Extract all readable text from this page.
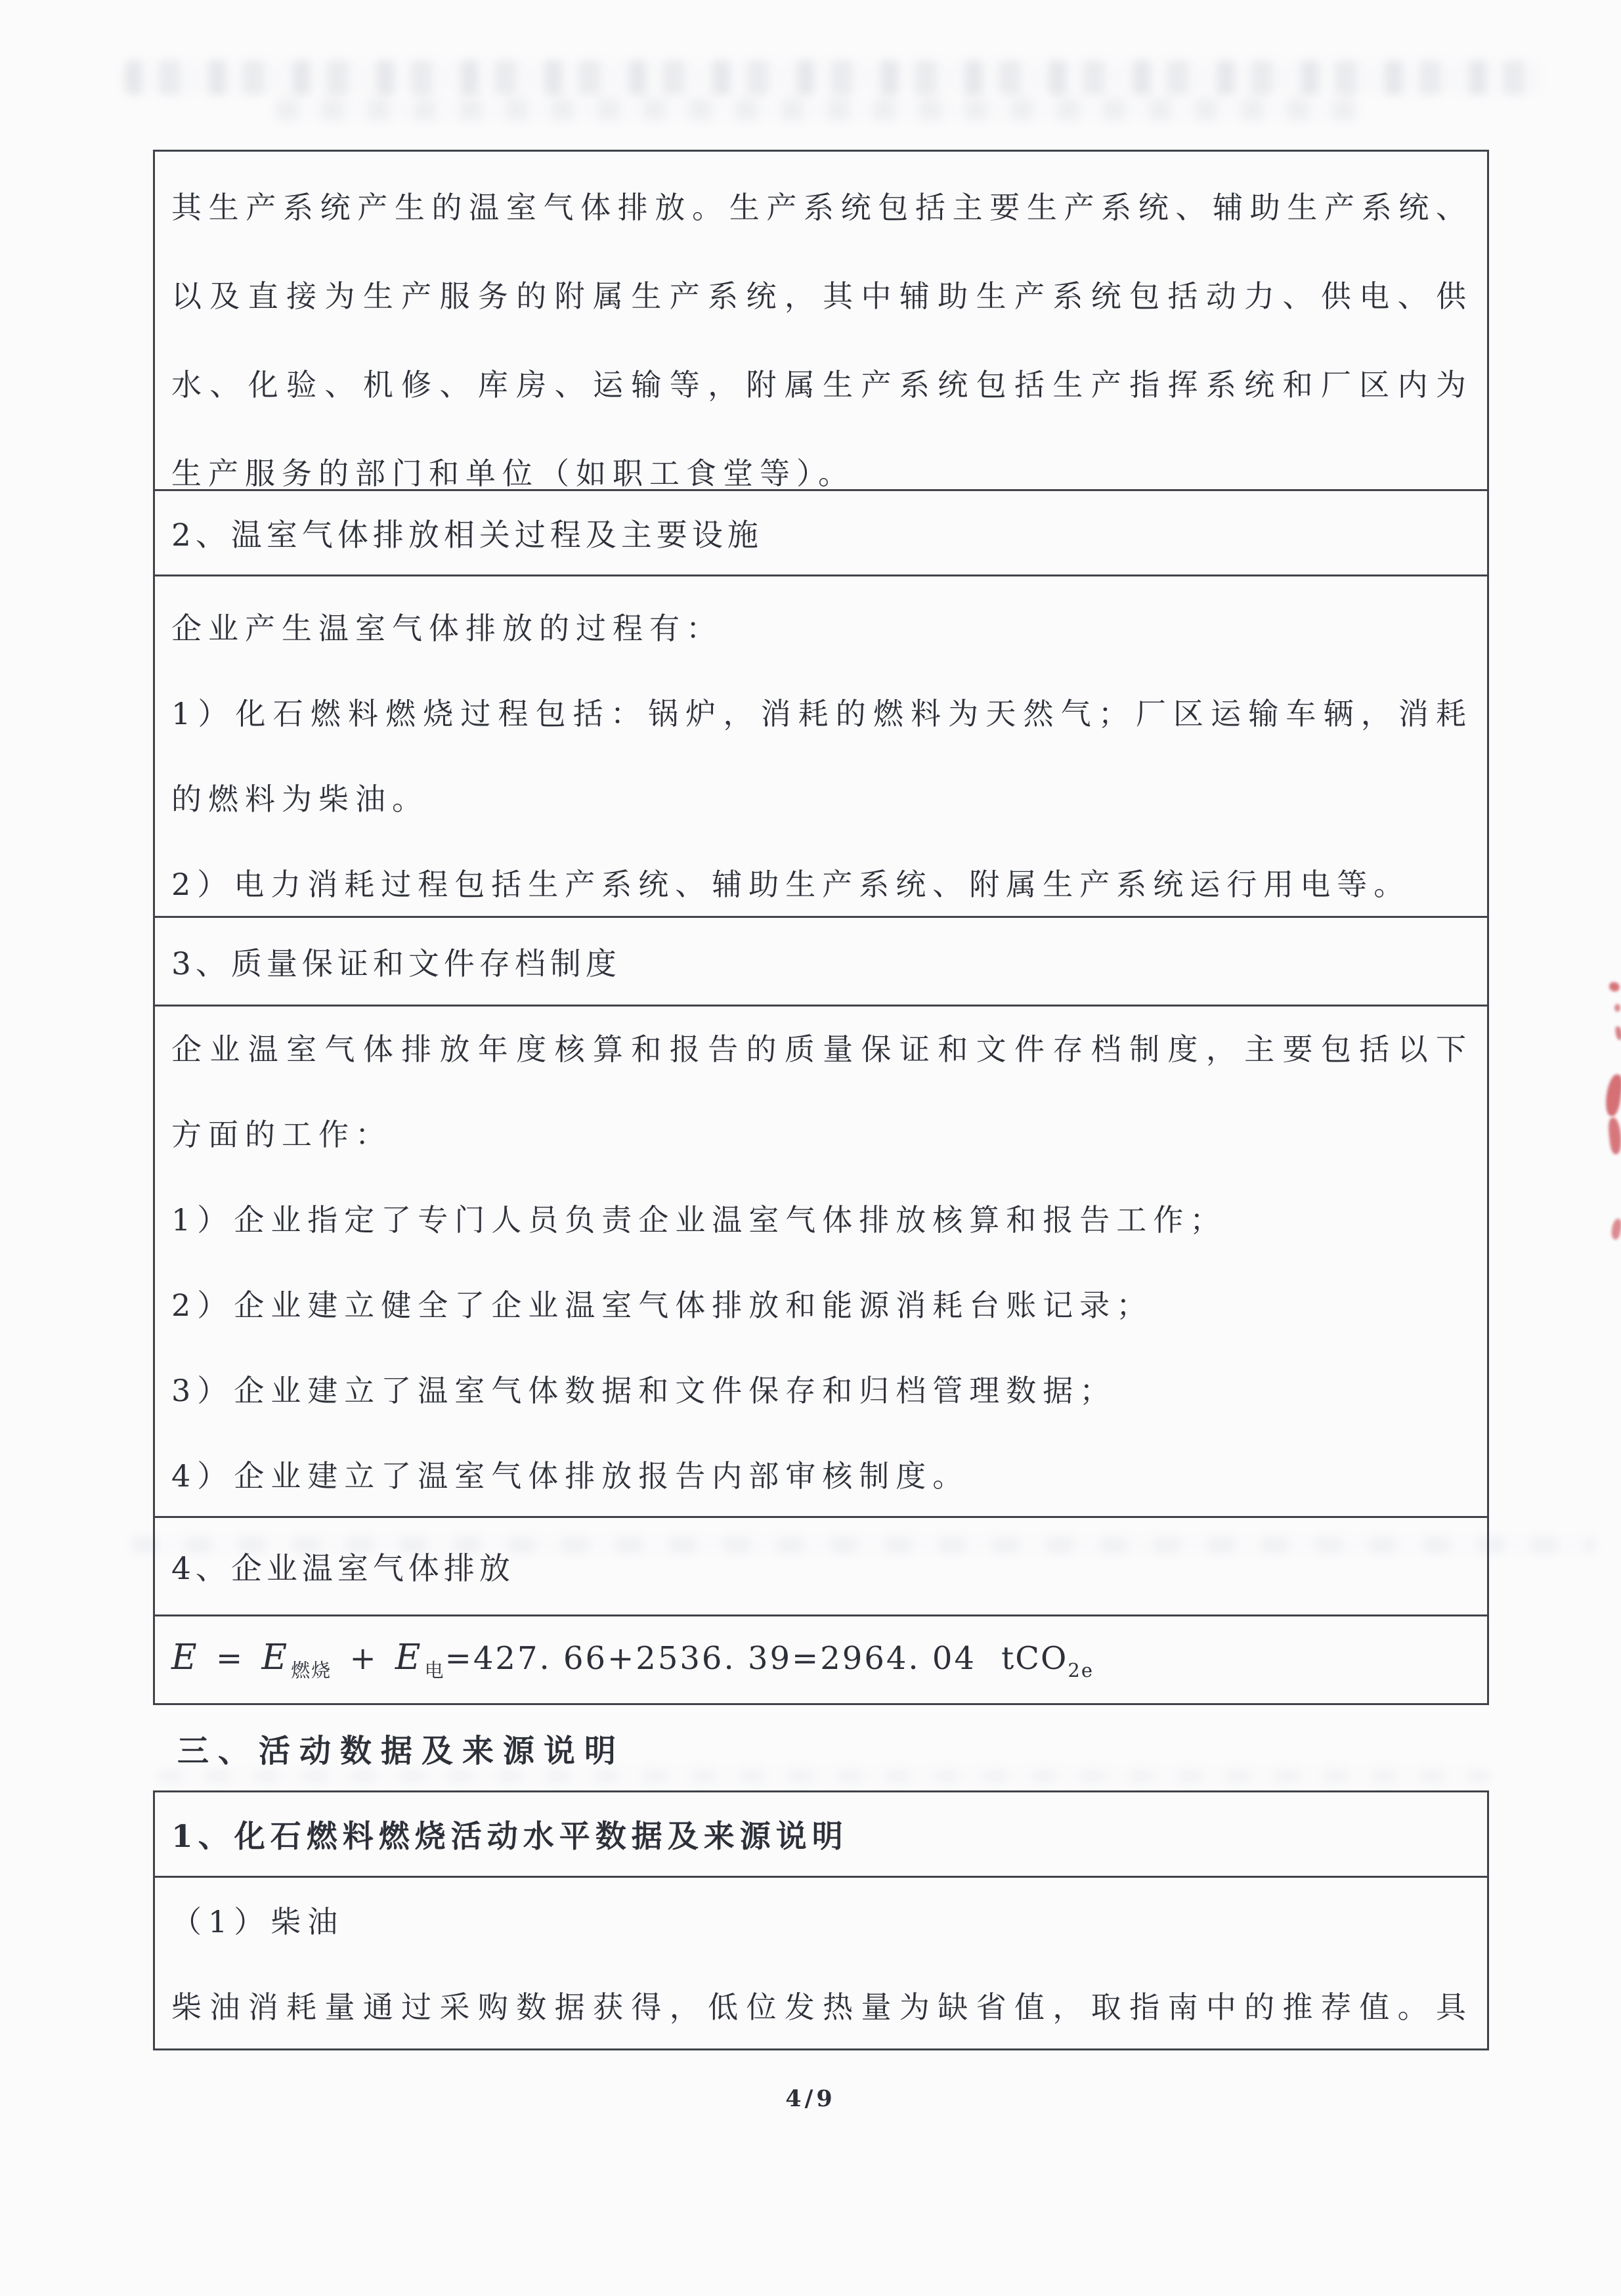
其生产系统产生的温室气体排放。生产系统包括主要生产系统、辅助生产系统、
以及直接为生产服务的附属生产系统，其中辅助生产系统包括动力、供电、供
水、化验、机修、库房、运输等，附属生产系统包括生产指挥系统和厂区内为
生产服务的部门和单位（如职工食堂等）。
2、温室气体排放相关过程及主要设施
企业产生温室气体排放的过程有：
1）化石燃料燃烧过程包括：锅炉，消耗的燃料为天然气；厂区运输车辆，消耗
的燃料为柴油。
2）电力消耗过程包括生产系统、辅助生产系统、附属生产系统运行用电等。
3、质量保证和文件存档制度
企业温室气体排放年度核算和报告的质量保证和文件存档制度，主要包括以下
方面的工作：
1）企业指定了专门人员负责企业温室气体排放核算和报告工作；
2）企业建立健全了企业温室气体排放和能源消耗台账记录；
3）企业建立了温室气体数据和文件保存和归档管理数据；
4）企业建立了温室气体排放报告内部审核制度。
4、企业温室气体排放
E = E $_{燃烧}$ + E $_电$=427. 66+2536. 39=2964. 04 tCO$_{2e}$
三、活动数据及来源说明
1、化石燃料燃烧活动水平数据及来源说明
（1）柴油
柴油消耗量通过采购数据获得，低位发热量为缺省值，取指南中的推荐值。具
4/9
